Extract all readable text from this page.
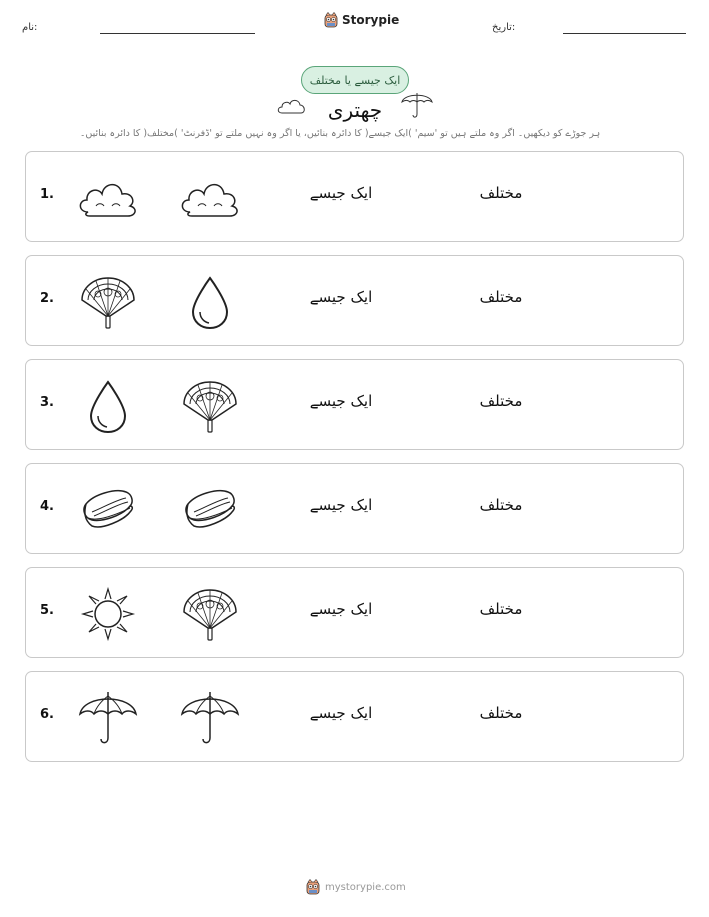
نام:
Storypie
تاریخ:
ایک جیسے یا مختلف
چھتری
ہر جوڑے کو دیکھیں۔ اگر وہ ملتے ہیں تو 'سیم' )ایک جیسے( کا دائرہ بنائیں، یا اگر وہ نہیں ملتے تو 'ڈفرنٹ' )مختلف( کا دائرہ بنائیں۔
1.	ایک جیسے	مختلف
2.	ایک جیسے	مختلف
3.	ایک جیسے	مختلف
4.	ایک جیسے	مختلف
5.	ایک جیسے	مختلف
6.	ایک جیسے	مختلف
mystorypie.com
